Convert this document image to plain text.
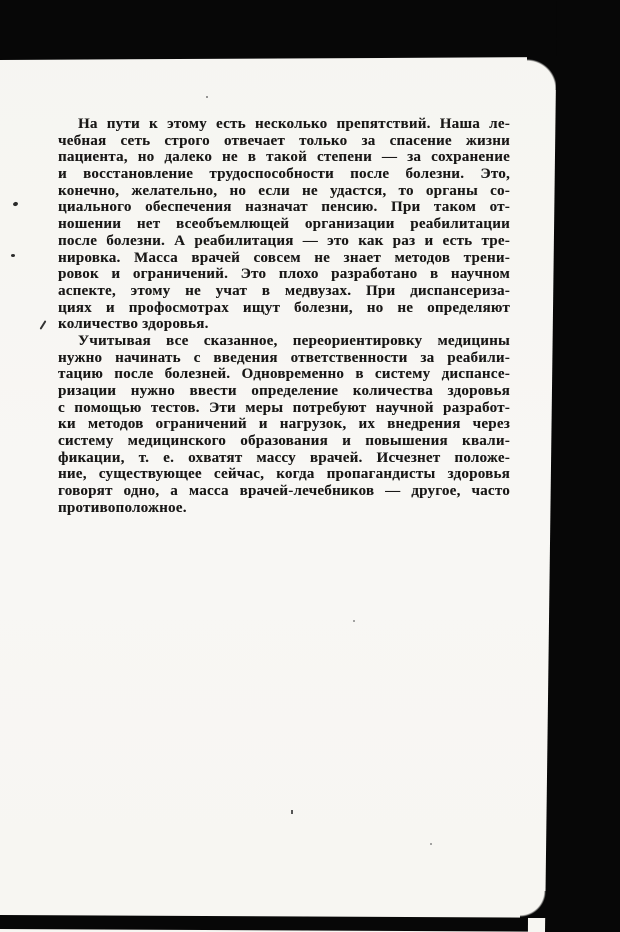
На пути к этому есть несколько препятствий. Наша ле-
чебная сеть строго отвечает только за спасение жизни
пациента, но далеко не в такой степени — за сохранение
и восстановление трудоспособности после болезни. Это,
конечно, желательно, но если не удастся, то органы со-
циального обеспечения назначат пенсию. При таком от-
ношении нет всеобъемлющей организации реабилитации
после болезни. А реабилитация — это как раз и есть тре-
нировка. Масса врачей совсем не знает методов трени-
ровок и ограничений. Это плохо разработано в научном
аспекте, этому не учат в медвузах. При диспансериза-
циях и профосмотрах ищут болезни, но не определяют
количество здоровья.
Учитывая все сказанное, переориентировку медицины
нужно начинать с введения ответственности за реабили-
тацию после болезней. Одновременно в систему диспансе-
ризации нужно ввести определение количества здоровья
с помощью тестов. Эти меры потребуют научной разработ-
ки методов ограничений и нагрузок, их внедрения через
систему медицинского образования и повышения квали-
фикации, т. е. охватят массу врачей. Исчезнет положе-
ние, существующее сейчас, когда пропагандисты здоровья
говорят одно, а масса врачей-лечебников — другое, часто
противоположное.
